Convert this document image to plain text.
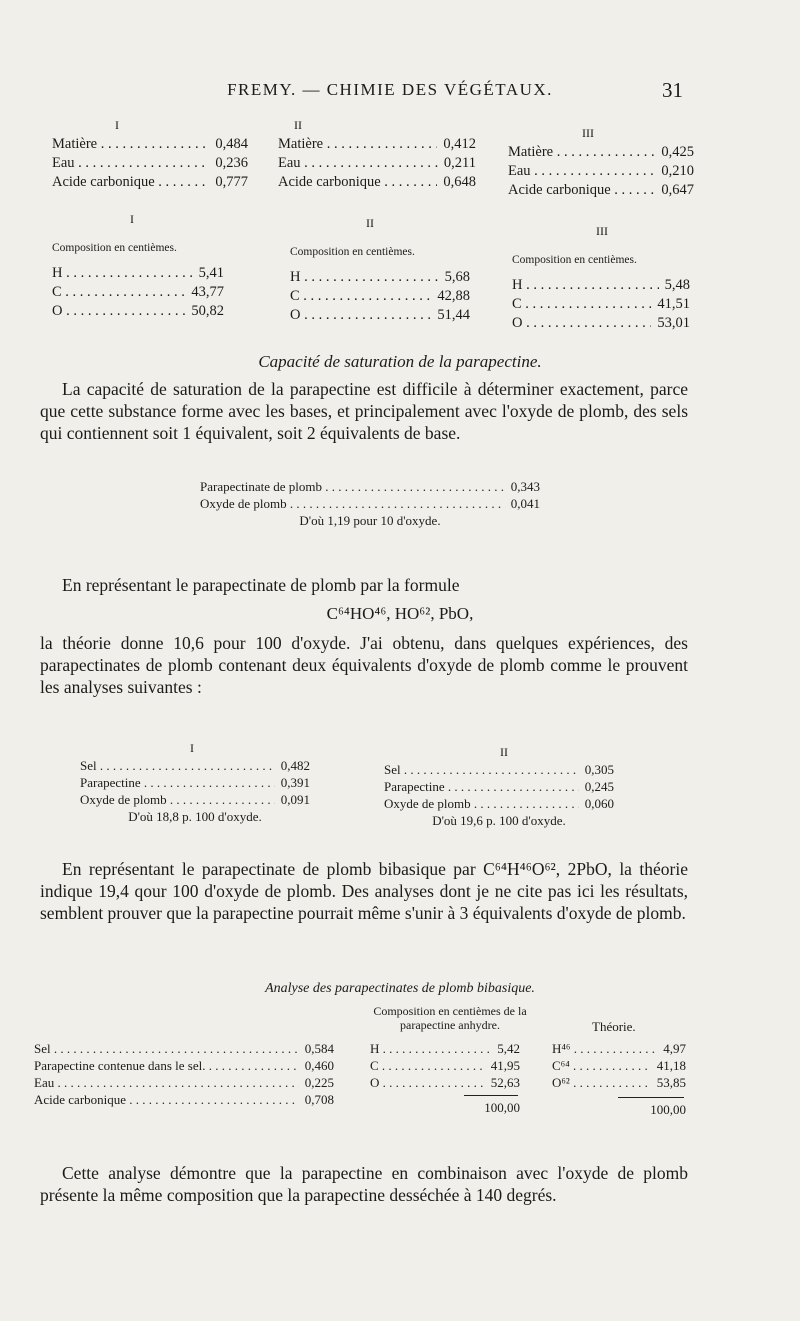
FREMY. — CHIMIE DES VÉGÉTAUX.	31
I
Matière . . .	0,484
Eau . . .	0,236
Acide carbonique . . .	0,777
II
Matière . . .	0,412
Eau . . .	0,211
Acide carbonique . . .	0,648
III
Matière . . .	0,425
Eau . . .	0,210
Acide carbonique . . .	0,647
I
Composition en centièmes.
H . . .	5,41
C . . .	43,77
O . . .	50,82
II
Composition en centièmes.
H . . .	5,68
C . . .	42,88
O . . .	51,44
III
Composition en centièmes.
H . . .	5,48
C . . .	41,51
O . . .	53,01
Capacité de saturation de la parapectine.
La capacité de saturation de la parapectine est difficile à déterminer exactement, parce que cette substance forme avec les bases, et principalement avec l'oxyde de plomb, des sels qui contiennent soit 1 équivalent, soit 2 équivalents de base.
Parapectinate de plomb . . .	0,343
Oxyde de plomb . . .	0,041
D'où 1,19 pour 10 d'oxyde.
En représentant le parapectinate de plomb par la formule
C⁶⁴HO⁴⁶, HO⁶², PbO,
la théorie donne 10,6 pour 100 d'oxyde. J'ai obtenu, dans quelques expériences, des parapectinates de plomb contenant deux équivalents d'oxyde de plomb comme le prouvent les analyses suivantes :
I
Sel . . .	0,482
Parapectine . . .	0,391
Oxyde de plomb . . .	0,091
D'où 18,8 p. 100 d'oxyde.
II
Sel . . .	0,305
Parapectine . . .	0,245
Oxyde de plomb . . .	0,060
D'où 19,6 p. 100 d'oxyde.
En représentant le parapectinate de plomb bibasique par C⁶⁴H⁴⁶O⁶², 2PbO, la théorie indique 19,4 qour 100 d'oxyde de plomb. Des analyses dont je ne cite pas ici les résultats, semblent prouver que la parapectine pourrait même s'unir à 3 équivalents d'oxyde de plomb.
Analyse des parapectinates de plomb bibasique.
Sel . . .	0,584
Parapectine contenue dans le sel. . . .	0,460
Eau . . .	0,225
Acide carbonique . . .	0,708
Composition en centièmes de la parapectine anhydre.
H . . .	5,42
C . . .	41,95
O . . .	52,63
100,00
Théorie.
H⁴⁶ . . .	4,97
C⁶⁴ . . .	41,18
O⁶² . . .	53,85
100,00
Cette analyse démontre que la parapectine en combinaison avec l'oxyde de plomb présente la même composition que la parapectine desséchée à 140 degrés.
